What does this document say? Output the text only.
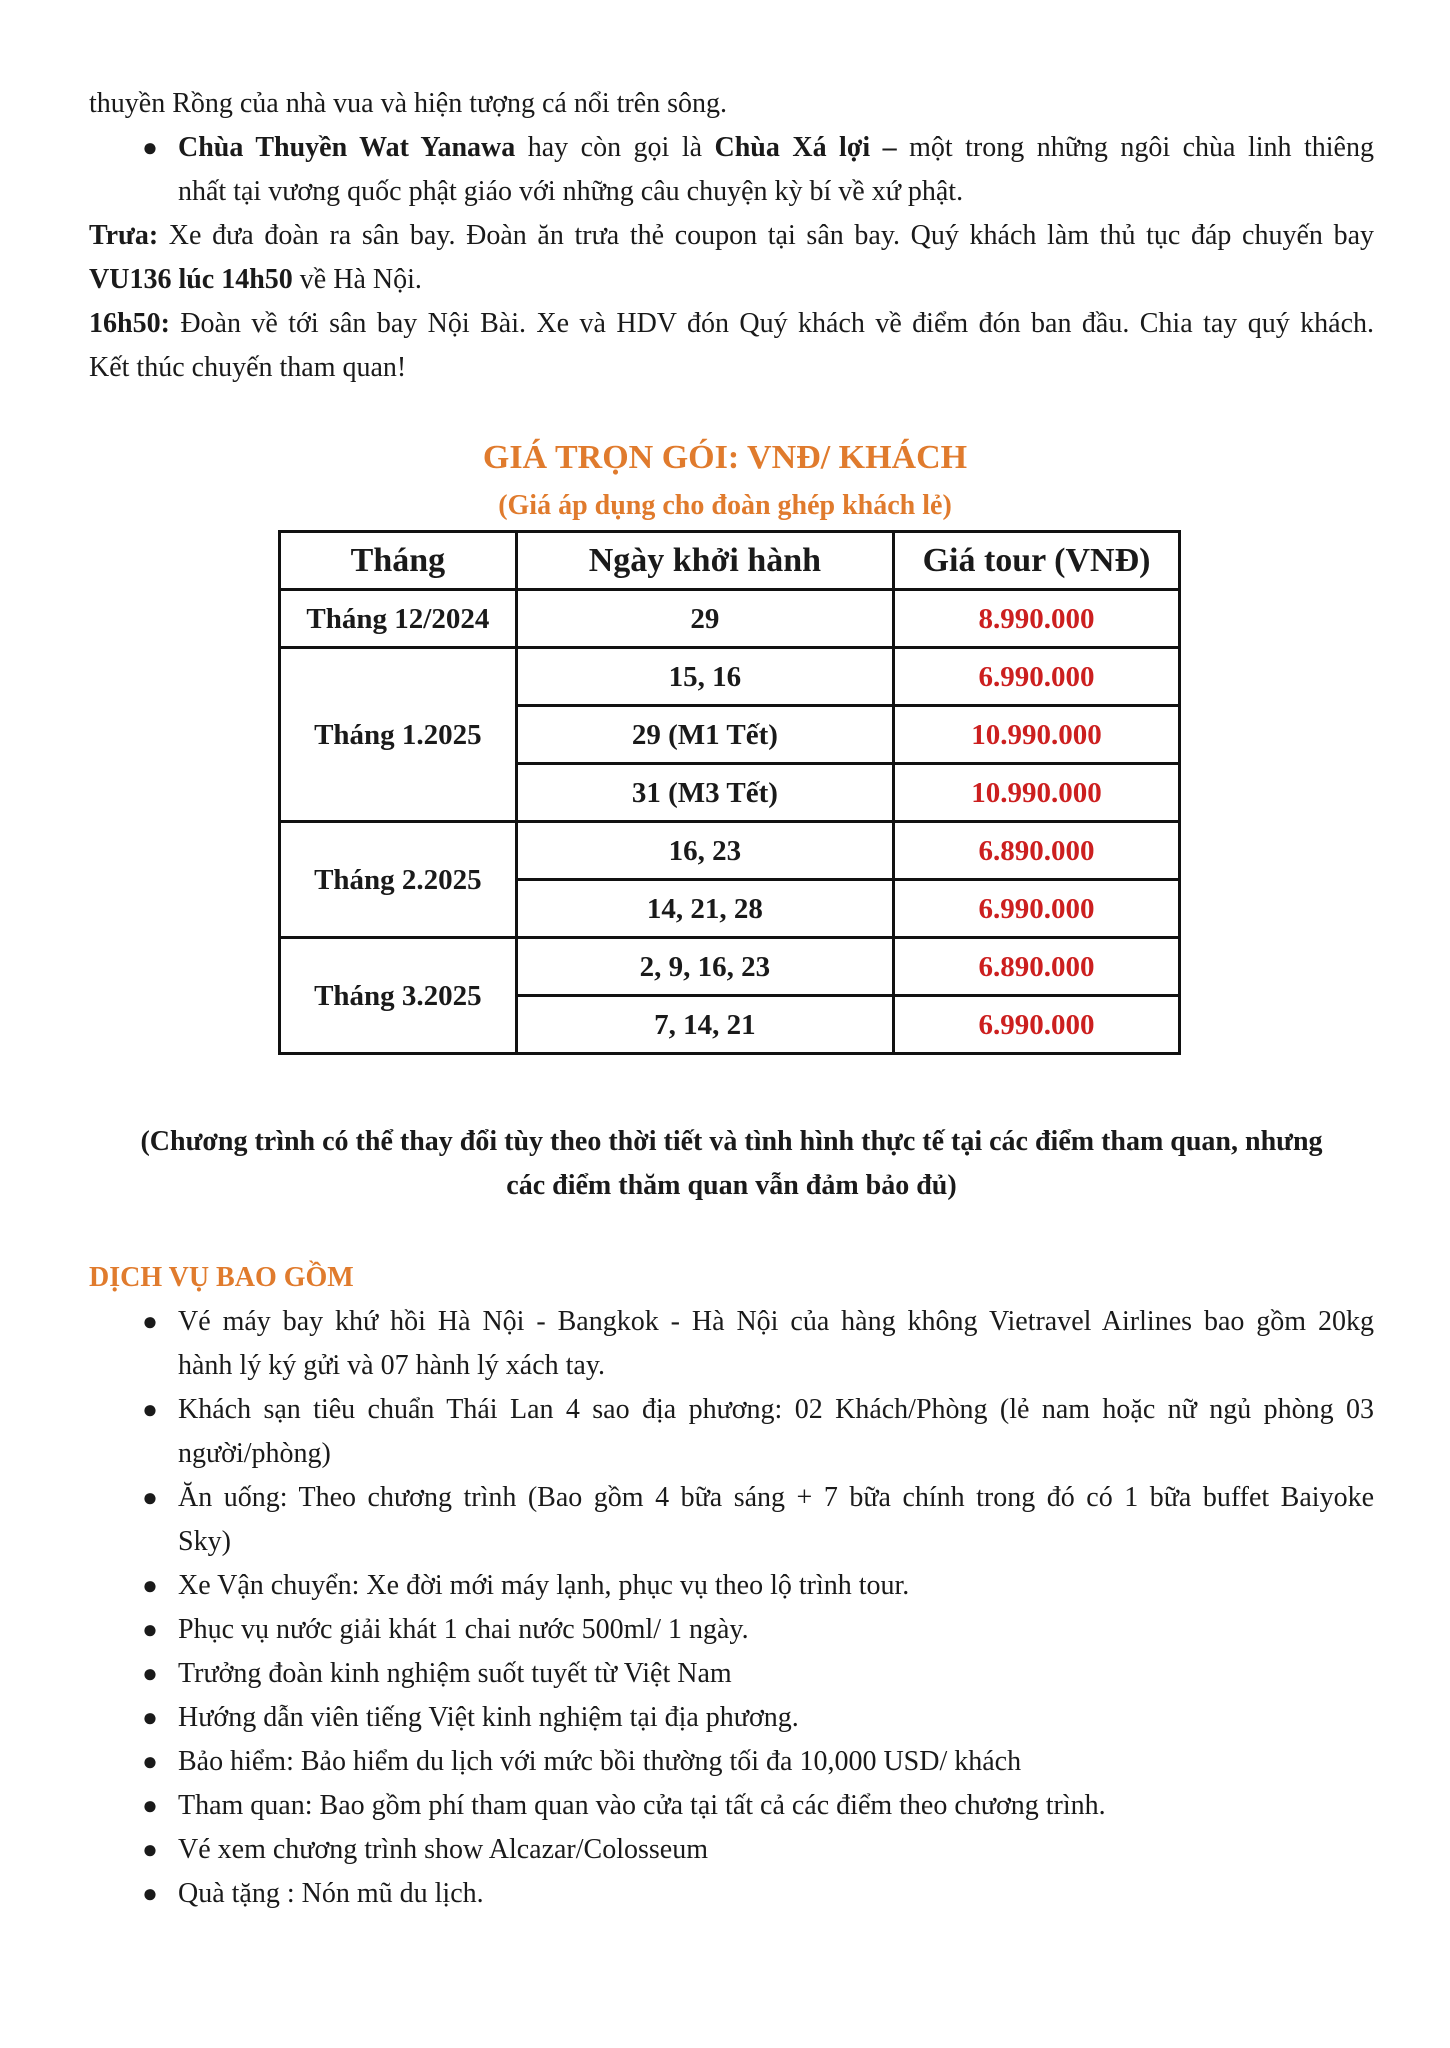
thuyền Rồng của nhà vua và hiện tượng cá nổi trên sông.

● Chùa Thuyền Wat Yanawa hay còn gọi là Chùa Xá lợi – một trong những ngôi chùa linh thiêng

nhất tại vương quốc phật giáo với những câu chuyện kỳ bí về xứ phật.

Trưa: Xe đưa đoàn ra sân bay. Đoàn ăn trưa thẻ coupon tại sân bay. Quý khách làm thủ tục đáp chuyến bay

VU136 lúc 14h50 về Hà Nội.

16h50: Đoàn về tới sân bay Nội Bài. Xe và HDV đón Quý khách về điểm đón ban đầu. Chia tay quý khách.

Kết thúc chuyến tham quan!

GIÁ TRỌN GÓI: VNĐ/ KHÁCH
(Giá áp dụng cho đoàn ghép khách lẻ)
Tháng	Ngày khởi hành	Giá tour (VNĐ)
Tháng 12/2024	29	8.990.000
Tháng 1.2025	15, 16	6.990.000
	29 (M1 Tết)	10.990.000
	31 (M3 Tết)	10.990.000
Tháng 2.2025	16, 23	6.890.000
	14, 21, 28	6.990.000
Tháng 3.2025	2, 9, 16, 23	6.890.000
	7, 14, 21	6.990.000
(Chương trình có thể thay đổi tùy theo thời tiết và tình hình thực tế tại các điểm tham quan, nhưng
các điểm thăm quan vẫn đảm bảo đủ)
DỊCH VỤ BAO GỒM
● Vé máy bay khứ hồi Hà Nội - Bangkok - Hà Nội của hàng không Vietravel Airlines bao gồm 20kg

hành lý ký gửi và 07 hành lý xách tay.

● Khách sạn tiêu chuẩn Thái Lan 4 sao địa phương: 02 Khách/Phòng (lẻ nam hoặc nữ ngủ phòng 03

người/phòng)

● Ăn uống: Theo chương trình (Bao gồm 4 bữa sáng + 7 bữa chính trong đó có 1 bữa buffet Baiyoke

Sky)

● Xe Vận chuyển: Xe đời mới máy lạnh, phục vụ theo lộ trình tour.

● Phục vụ nước giải khát 1 chai nước 500ml/ 1 ngày.

● Trưởng đoàn kinh nghiệm suốt tuyết từ Việt Nam

● Hướng dẫn viên tiếng Việt kinh nghiệm tại địa phương.

● Bảo hiểm: Bảo hiểm du lịch với mức bồi thường tối đa 10,000 USD/ khách

● Tham quan: Bao gồm phí tham quan vào cửa tại tất cả các điểm theo chương trình.

● Vé xem chương trình show Alcazar/Colosseum

● Quà tặng : Nón mũ du lịch.
